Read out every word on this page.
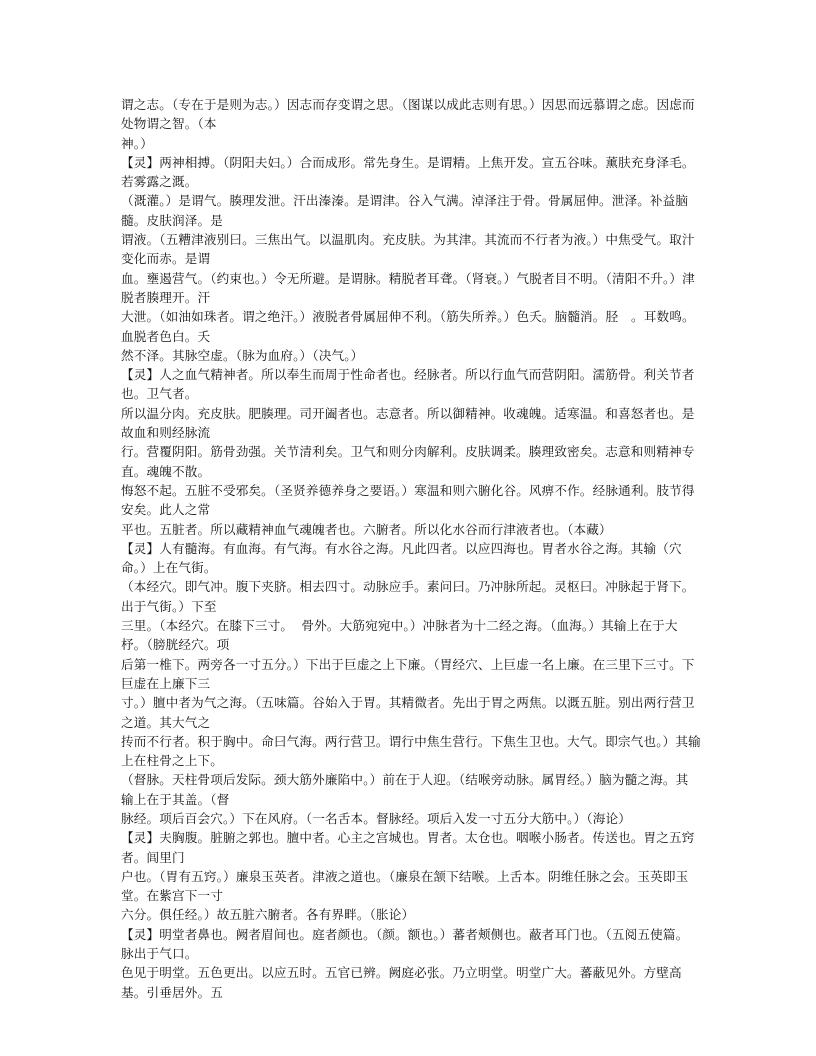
谓之志。（专在于是则为志。）因志而存变谓之思。（图谋以成此志则有思。）因思而远慕谓之虑。因虑而处物谓之智。（本

神。）

【灵】两神相搏。（阴阳夫妇。）合而成形。常先身生。是谓精。上焦开发。宣五谷味。薰肤充身泽毛。若雾露之溉。

（溉灌。）是谓气。腠理发泄。汗出溱溱。是谓津。谷入气满。淖泽注于骨。骨属屈伸。泄泽。补益脑髓。皮肤润泽。是

谓液。（五糟津液别曰。三焦出气。以温肌肉。充皮肤。为其津。其流而不行者为液。）中焦受气。取汁变化而赤。是谓

血。壅遏营气。（约束也。）令无所避。是谓脉。精脱者耳聋。（肾衰。）气脱者目不明。（清阳不升。）津脱者腠理开。汗

大泄。（如油如珠者。谓之绝汗。）液脱者骨属屈伸不利。（筋失所养。）色夭。脑髓消。胫　。耳数鸣。血脱者色白。夭

然不泽。其脉空虚。（脉为血府。）（决气。）

【灵】人之血气精神者。所以奉生而周于性命者也。经脉者。所以行血气而营阴阳。濡筋骨。利关节者也。卫气者。

所以温分肉。充皮肤。肥腠理。司开阖者也。志意者。所以御精神。收魂魄。适寒温。和喜怒者也。是故血和则经脉流

行。营覆阴阳。筋骨劲强。关节清利矣。卫气和则分肉解利。皮肤调柔。腠理致密矣。志意和则精神专直。魂魄不散。

悔怒不起。五脏不受邪矣。（圣贤养德养身之要语。）寒温和则六腑化谷。风痹不作。经脉通利。肢节得安矣。此人之常

平也。五脏者。所以藏精神血气魂魄者也。六腑者。所以化水谷而行津液者也。（本藏）

【灵】人有髓海。有血海。有气海。有水谷之海。凡此四者。以应四海也。胃者水谷之海。其输（穴命。）上在气街。

（本经穴。即气冲。腹下夹脐。相去四寸。动脉应手。素问曰。乃冲脉所起。灵枢曰。冲脉起于肾下。出于气街。）下至

三里。（本经穴。在膝下三寸。  骨外。大筋宛宛中。）冲脉者为十二经之海。（血海。）其输上在于大杼。（膀胱经穴。项

后第一椎下。两旁各一寸五分。）下出于巨虚之上下廉。（胃经穴、上巨虚一名上廉。在三里下三寸。下巨虚在上廉下三

寸。）膻中者为气之海。（五味篇。谷始入于胃。其精微者。先出于胃之两焦。以溉五脏。别出两行营卫之道。其大气之

抟而不行者。积于胸中。命曰气海。两行营卫。谓行中焦生营行。下焦生卫也。大气。即宗气也。）其输上在柱骨之上下。

（督脉。天柱骨项后发际。颈大筋外廉陷中。）前在于人迎。（结喉旁动脉。属胃经。）脑为髓之海。其输上在于其盖。（督

脉经。项后百会穴。）下在风府。（一名舌本。督脉经。项后入发一寸五分大筋中。）（海论）

【灵】夫胸腹。脏腑之郭也。膻中者。心主之宫城也。胃者。太仓也。咽喉小肠者。传送也。胃之五窍者。闾里门

户也。（胃有五窍。）廉泉玉英者。津液之道也。（廉泉在颔下结喉。上舌本。阴维任脉之会。玉英即玉堂。在紫宫下一寸

六分。俱任经。）故五脏六腑者。各有界畔。（胀论）

【灵】明堂者鼻也。阙者眉间也。庭者颜也。（颜。额也。）蕃者颊侧也。蔽者耳门也。（五阅五使篇。脉出于气口。

色见于明堂。五色更出。以应五时。五官已辨。阙庭必张。乃立明堂。明堂广大。蕃蔽见外。方壁高基。引垂居外。五
